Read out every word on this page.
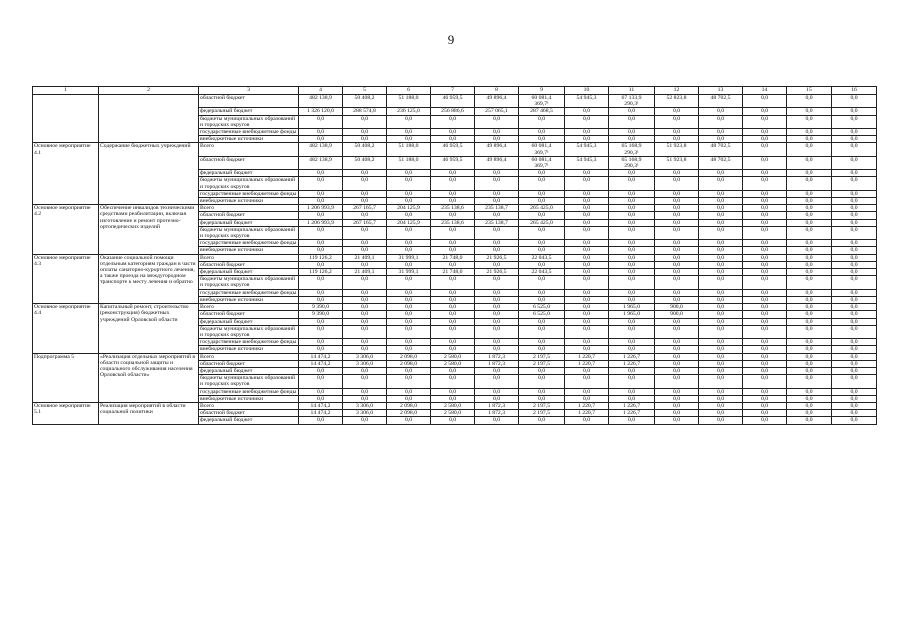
9
1	2	3	4	5	6	7	8	9	10	11	12	13	14	15	16
		областной бюджет	482 138,9	50 408,2	51 188,0	46 959,5	49 896,4	60 081,4
369,7¹	54 945,3	67 133,9
290,3¹	52 823,8	48 702,5	0,0	0,0	0,0
		федеральный бюджет	1 326 120,0	288 574,8	236 125,0	256 886,6	257 065,1	287 468,5	0,0	0,0	0,0	0,0	0,0	0,0	0,0
		бюджеты муниципальных образований и городских округов	0,0	0,0	0,0	0,0	0,0	0,0	0,0	0,0	0,0	0,0	0,0	0,0	0,0
		государственные внебюджетные фонды	0,0	0,0	0,0	0,0	0,0	0,0	0,0	0,0	0,0	0,0	0,0	0,0	0,0
		внебюджетные источники	0,0	0,0	0,0	0,0	0,0	0,0	0,0	0,0	0,0	0,0	0,0	0,0	0,0
Основное мероприятие 4.1	Содержание бюджетных учреждений	Всего	482 138,9	50 408,2	51 188,0	46 959,5	49 896,4	60 081,4
369,7¹	54 945,3	65 168,9
290,3¹	51 923,8	48 702,5	0,0	0,0	0,0
		областной бюджет	482 138,9	50 408,2	51 188,0	46 959,5	49 896,4	60 081,4
369,7¹	54 945,3	65 168,9
290,3¹	51 923,8	48 702,5	0,0	0,0	0,0
		федеральный бюджет	0,0	0,0	0,0	0,0	0,0	0,0	0,0	0,0	0,0	0,0	0,0	0,0	0,0
		бюджеты муниципальных образований и городских округов	0,0	0,0	0,0	0,0	0,0	0,0	0,0	0,0	0,0	0,0	0,0	0,0	0,0
		государственные внебюджетные фонды	0,0	0,0	0,0	0,0	0,0	0,0	0,0	0,0	0,0	0,0	0,0	0,0	0,0
		внебюджетные источники	0,0	0,0	0,0	0,0	0,0	0,0	0,0	0,0	0,0	0,0	0,0	0,0	0,0
Основное мероприятие 4.2	Обеспечение инвалидов техническими средствами реабилитации, включая изготовление и ремонт протезно-ортопедических изделий	Всего	1 206 993,9	267 165,7	204 125,9	235 138,6	235 138,7	265 425,0	0,0	0,0	0,0	0,0	0,0	0,0	0,0
		областной бюджет	0,0	0,0	0,0	0,0	0,0	0,0	0,0	0,0	0,0	0,0	0,0	0,0	0,0
		федеральный бюджет	1 206 993,9	267 165,7	204 125,9	235 138,6	235 138,7	265 425,0	0,0	0,0	0,0	0,0	0,0	0,0	0,0
		бюджеты муниципальных образований и городских округов	0,0	0,0	0,0	0,0	0,0	0,0	0,0	0,0	0,0	0,0	0,0	0,0	0,0
		государственные внебюджетные фонды	0,0	0,0	0,0	0,0	0,0	0,0	0,0	0,0	0,0	0,0	0,0	0,0	0,0
		внебюджетные источники	0,0	0,0	0,0	0,0	0,0	0,0	0,0	0,0	0,0	0,0	0,0	0,0	0,0
Основное мероприятие 4.3	Оказание социальной помощи отдельным категориям граждан в части оплаты санаторно-курортного лечения, а также проезда на междугородном транспорте к месту лечения и обратно	Всего	119 126,2	21 409,1	31 999,1	21 748,0	21 926,5	22 043,5	0,0	0,0	0,0	0,0	0,0	0,0	0,0
		областной бюджет	0,0	0,0	0,0	0,0	0,0	0,0	0,0	0,0	0,0	0,0	0,0	0,0	0,0
		федеральный бюджет	119 126,2	21 409,1	31 999,1	21 748,0	21 926,5	22 043,5	0,0	0,0	0,0	0,0	0,0	0,0	0,0
		бюджеты муниципальных образований и городских округов	0,0	0,0	0,0	0,0	0,0	0,0	0,0	0,0	0,0	0,0	0,0	0,0	0,0
		государственные внебюджетные фонды	0,0	0,0	0,0	0,0	0,0	0,0	0,0	0,0	0,0	0,0	0,0	0,0	0,0
		внебюджетные источники	0,0	0,0	0,0	0,0	0,0	0,0	0,0	0,0	0,0	0,0	0,0	0,0	0,0
Основное мероприятие 4.4	Капитальный ремонт, строительство (реконструкция) бюджетных учреждений Орловской области	Всего	9 390,0	0,0	0,0	0,0	0,0	6 525,0	0,0	1 965,0	900,0	0,0	0,0	0,0	0,0
		областной бюджет	9 390,0	0,0	0,0	0,0	0,0	6 525,0	0,0	1 965,0	900,0	0,0	0,0	0,0	0,0
		федеральный бюджет	0,0	0,0	0,0	0,0	0,0	0,0	0,0	0,0	0,0	0,0	0,0	0,0	0,0
		бюджеты муниципальных образований и городских округов	0,0	0,0	0,0	0,0	0,0	0,0	0,0	0,0	0,0	0,0	0,0	0,0	0,0
		государственные внебюджетные фонды	0,0	0,0	0,0	0,0	0,0	0,0	0,0	0,0	0,0	0,0	0,0	0,0	0,0
		внебюджетные источники	0,0	0,0	0,0	0,0	0,0	0,0	0,0	0,0	0,0	0,0	0,0	0,0	0,0
Подпрограмма 5	«Реализация отдельных мероприятий в области социальной защиты и социального обслуживания населения Орловской области»	Всего	14 474,2	3 306,0	2 098,0	2 580,0	1 872,3	2 197,5	1 220,7	1 226,7	0,0	0,0	0,0	0,0	0,0
		областной бюджет	14 474,2	3 306,0	2 098,0	2 580,0	1 872,3	2 197,5	1 220,7	1 226,7	0,0	0,0	0,0	0,0	0,0
		федеральный бюджет	0,0	0,0	0,0	0,0	0,0	0,0	0,0	0,0	0,0	0,0	0,0	0,0	0,0
		бюджеты муниципальных образований и городских округов	0,0	0,0	0,0	0,0	0,0	0,0	0,0	0,0	0,0	0,0	0,0	0,0	0,0
		государственные внебюджетные фонды	0,0	0,0	0,0	0,0	0,0	0,0	0,0	0,0	0,0	0,0	0,0	0,0	0,0
		внебюджетные источники	0,0	0,0	0,0	0,0	0,0	0,0	0,0	0,0	0,0	0,0	0,0	0,0	0,0
Основное мероприятие 5.1	Реализация мероприятий в области социальной политики	Всего	14 474,2	3 306,0	2 098,0	2 580,0	1 872,3	2 197,5	1 220,7	1 226,7	0,0	0,0	0,0	0,0	0,0
		областной бюджет	14 474,2	3 306,0	2 098,0	2 580,0	1 872,3	2 197,5	1 220,7	1 226,7	0,0	0,0	0,0	0,0	0,0
		федеральный бюджет	0,0	0,0	0,0	0,0	0,0	0,0	0,0	0,0	0,0	0,0	0,0	0,0	0,0
